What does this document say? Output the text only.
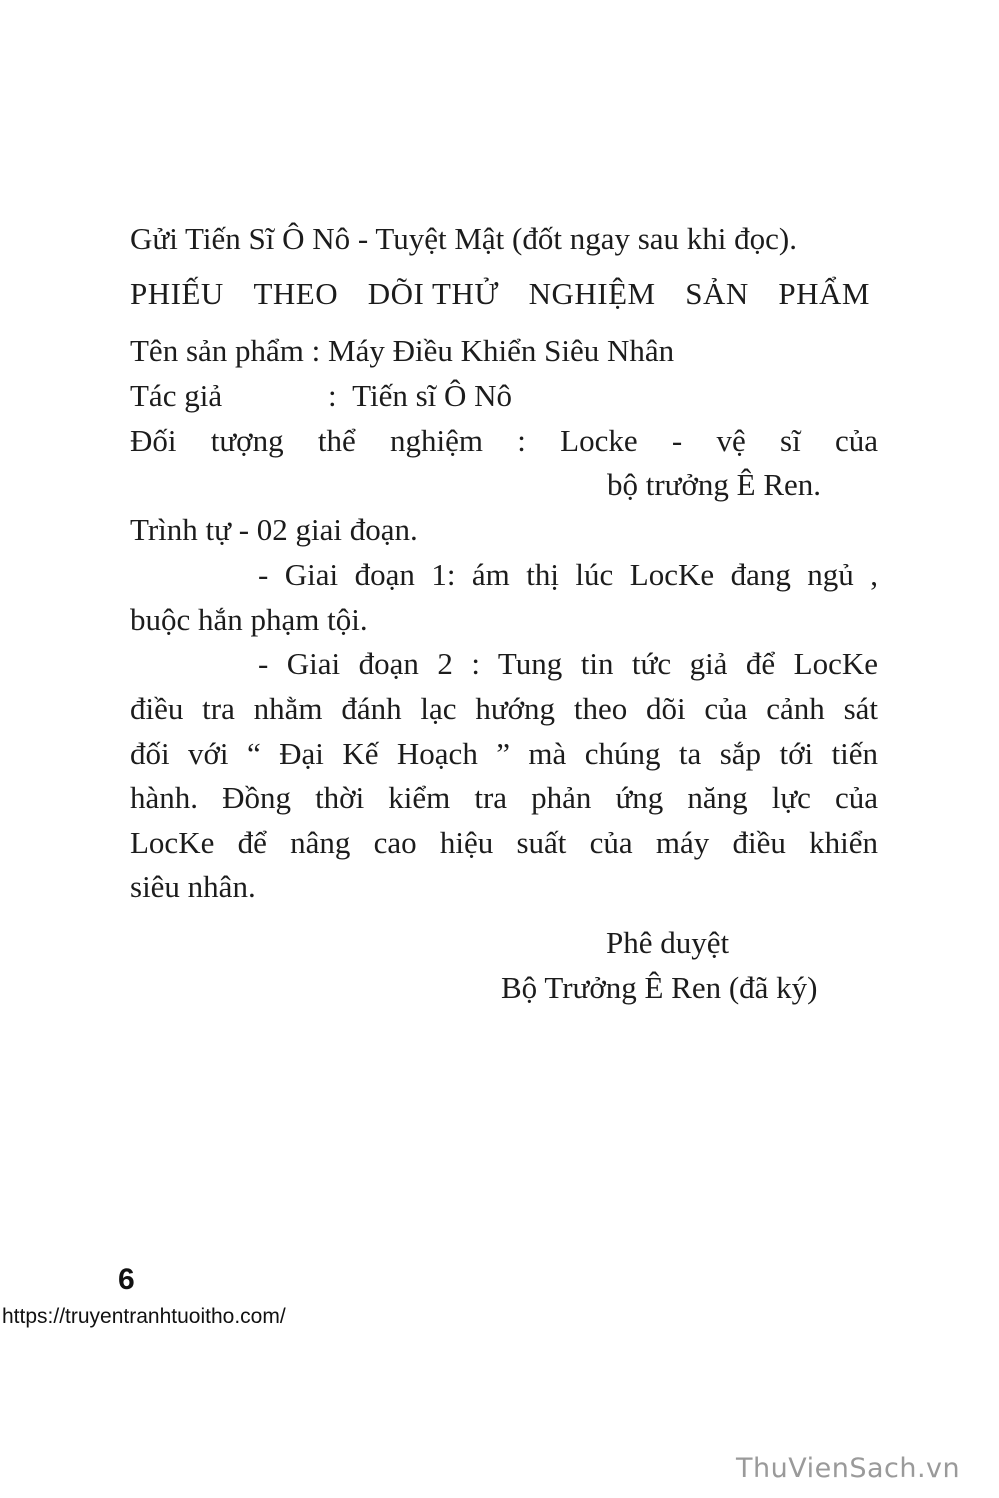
Gửi Tiến Sĩ Ô Nô - Tuyệt Mật (đốt ngay sau khi đọc).
PHIẾU THEO DÕI THỬ NGHIỆM SẢN PHẨM
Tên sản phẩm : Máy Điều Khiển Siêu Nhân
Tác giả	:  Tiến sĩ Ô Nô
Đối tượng thể nghiệm : Locke - vệ sĩ của
bộ trưởng Ê Ren.
Trình tự - 02 giai đoạn.
- Giai đoạn 1: ám thị lúc LocKe đang ngủ ,
buộc hắn phạm tội.
- Giai đoạn 2 : Tung tin tức giả để LocKe
điều tra nhằm đánh lạc hướng theo dõi của cảnh sát
đối với “ Đại Kế Hoạch ” mà chúng ta sắp tới tiến
hành. Đồng thời kiểm tra phản ứng năng lực của
LocKe để nâng cao hiệu suất của máy điều khiển
siêu nhân.
Phê duyệt
Bộ Trưởng Ê Ren (đã ký)
6
https://truyentranhtuoitho.com/
ThuVienSach.vn
